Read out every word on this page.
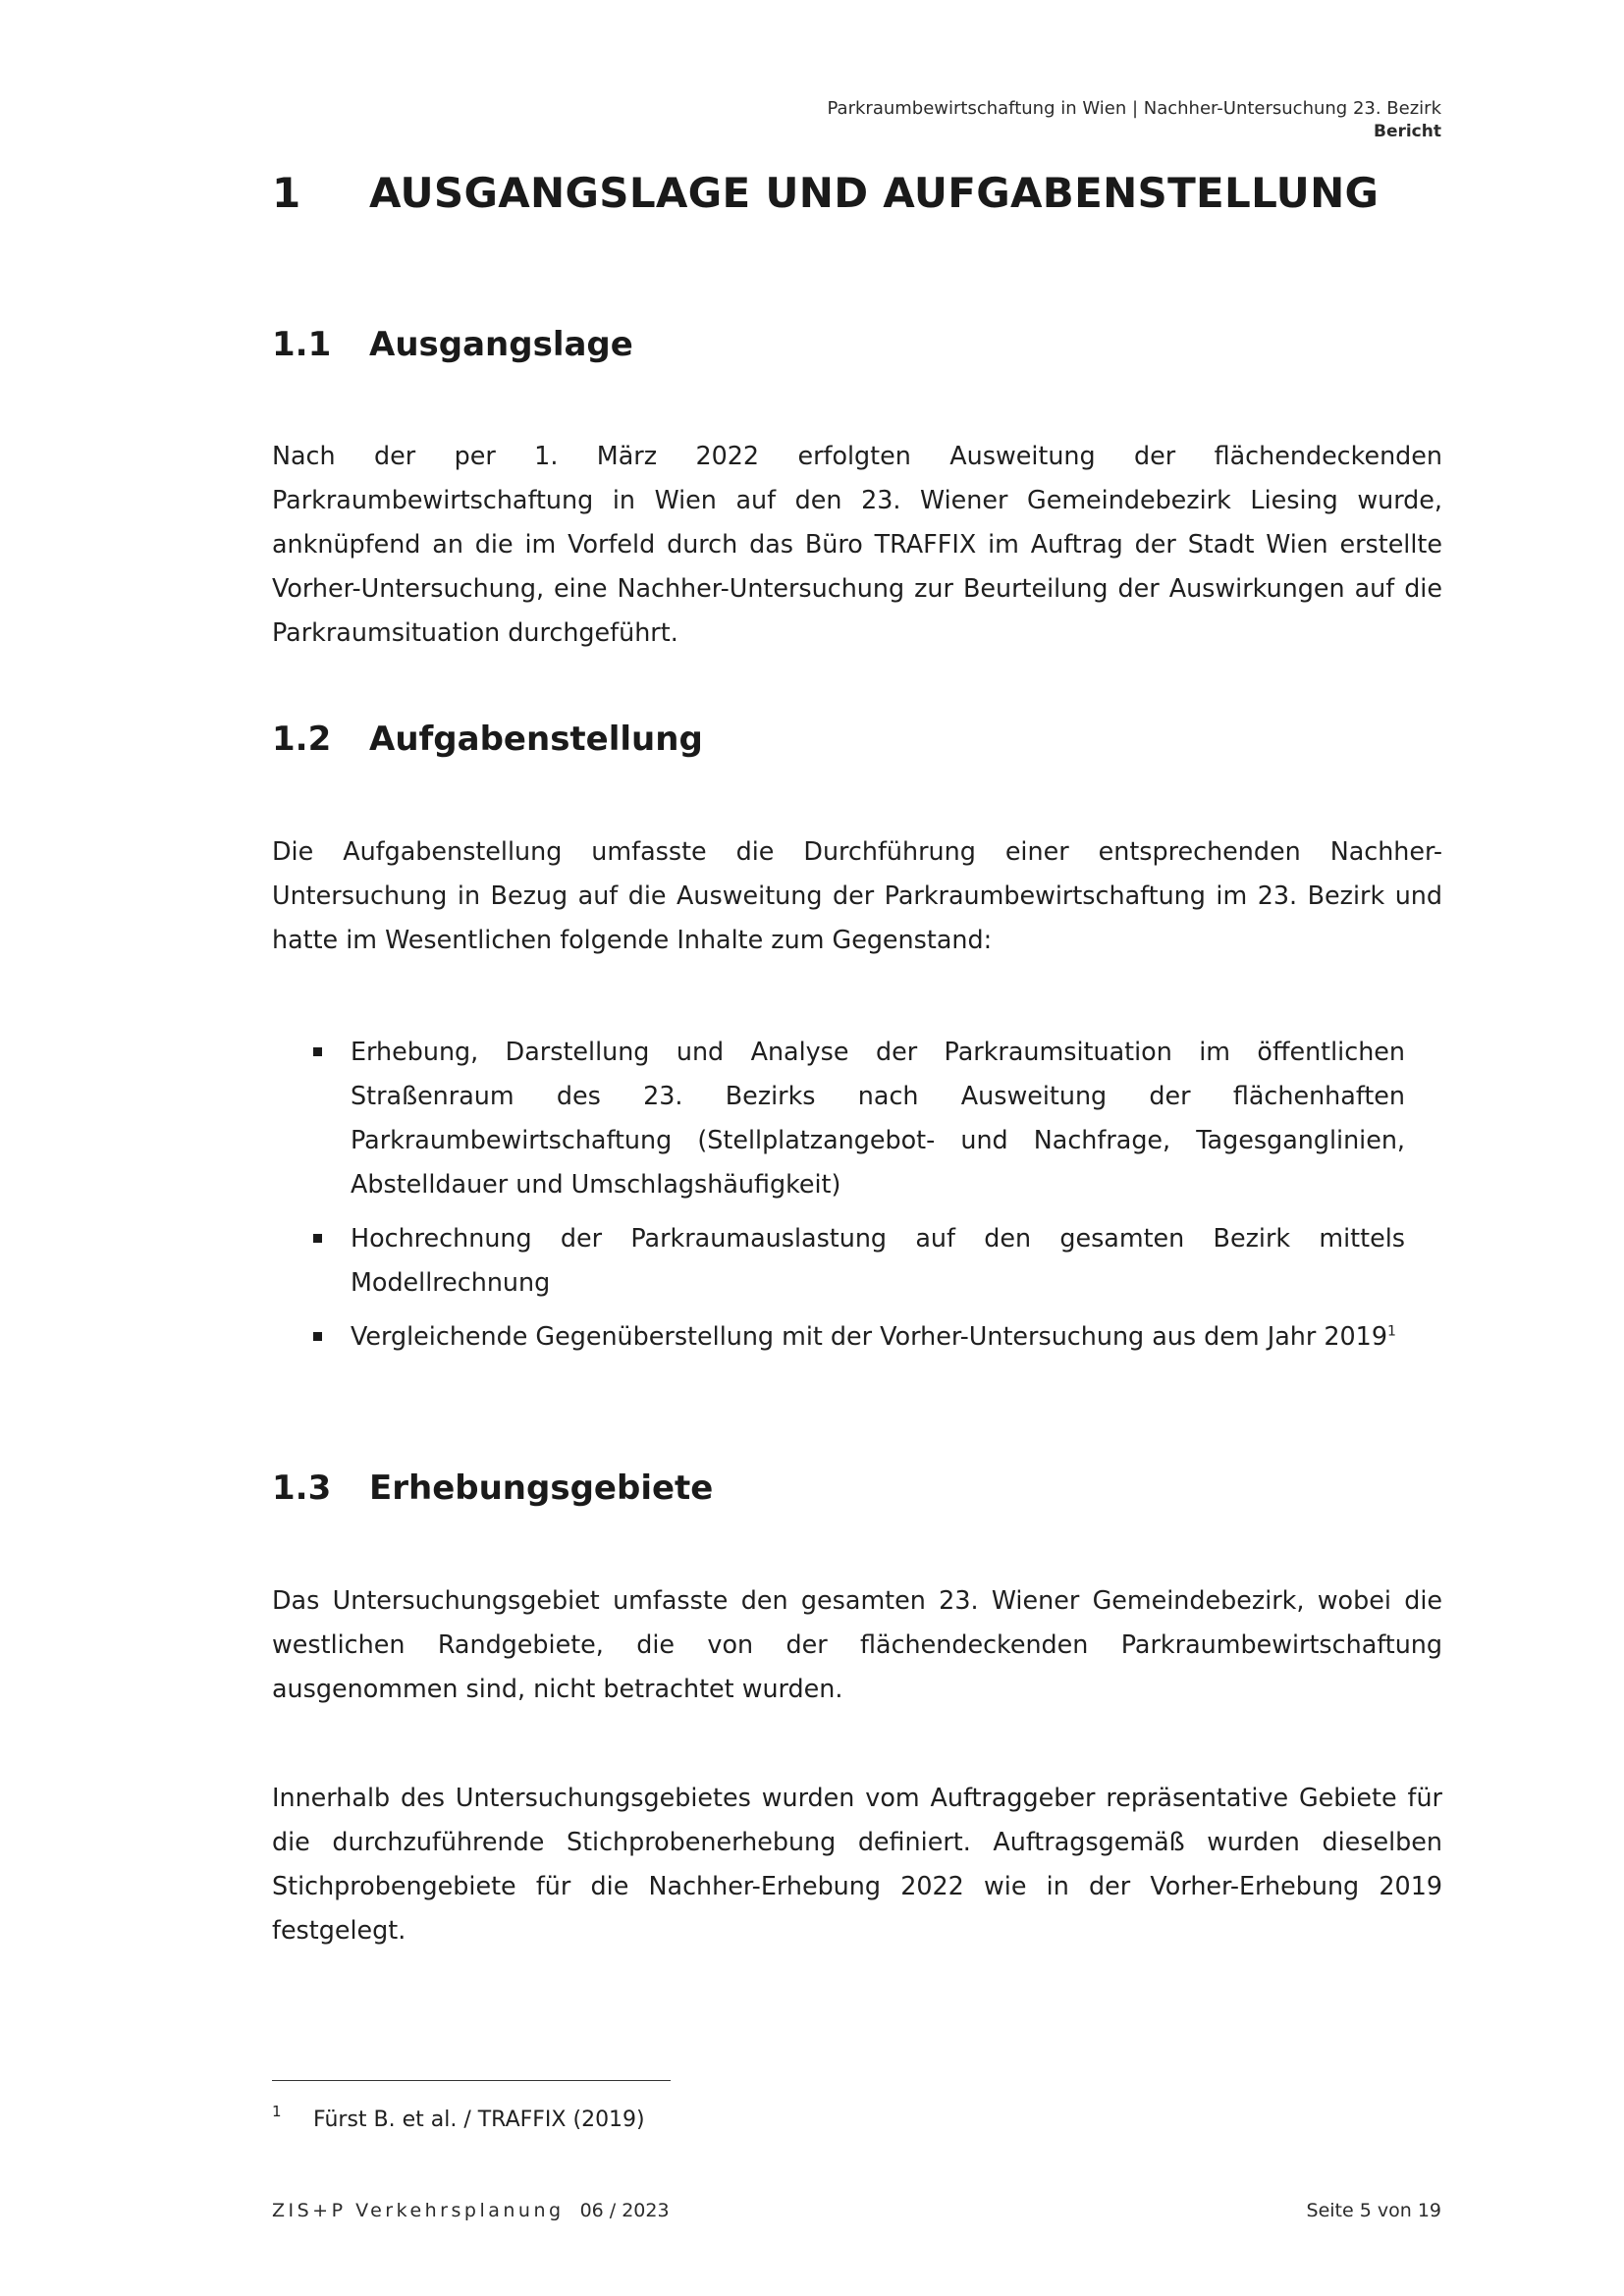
Parkraumbewirtschaftung in Wien | Nachher-Untersuchung 23. Bezirk
Bericht
1 AUSGANGSLAGE UND AUFGABENSTELLUNG
1.1 Ausgangslage

Nach der per 1. März 2022 erfolgten Ausweitung der flächendeckenden Parkraumbewirtschaftung in Wien auf den 23. Wiener Gemeindebezirk Liesing wurde, anknüpfend an die im Vorfeld durch das Büro TRAFFIX im Auftrag der Stadt Wien erstellte Vorher-Untersuchung, eine Nachher-Untersuchung zur Beurteilung der Auswirkungen auf die Parkraumsituation durchgeführt.

1.2 Aufgabenstellung

Die Aufgabenstellung umfasste die Durchführung einer entsprechenden Nachher-Untersuchung in Bezug auf die Ausweitung der Parkraumbewirtschaftung im 23. Bezirk und hatte im Wesentlichen folgende Inhalte zum Gegenstand:

Erhebung, Darstellung und Analyse der Parkraumsituation im öffentlichen Straßenraum des 23. Bezirks nach Ausweitung der flächenhaften Parkraumbewirtschaftung (Stellplatzangebot- und Nachfrage, Tagesganglinien, Abstelldauer und Umschlagshäufigkeit)
Hochrechnung der Parkraumauslastung auf den gesamten Bezirk mittels Modellrechnung
Vergleichende Gegenüberstellung mit der Vorher-Untersuchung aus dem Jahr 2019$^1$
1.3 Erhebungsgebiete

Das Untersuchungsgebiet umfasste den gesamten 23. Wiener Gemeindebezirk, wobei die westlichen Randgebiete, die von der flächendeckenden Parkraumbewirtschaftung ausgenommen sind, nicht betrachtet wurden.

Innerhalb des Untersuchungsgebietes wurden vom Auftraggeber repräsentative Gebiete für die durchzuführende Stichprobenerhebung definiert. Auftragsgemäß wurden dieselben Stichprobengebiete für die Nachher-Erhebung 2022 wie in der Vorher-Erhebung 2019 festgelegt.

1 Fürst B. et al. / TRAFFIX (2019)
ZIS+P Verkehrsplanung 06 / 2023	Seite 5 von 19
